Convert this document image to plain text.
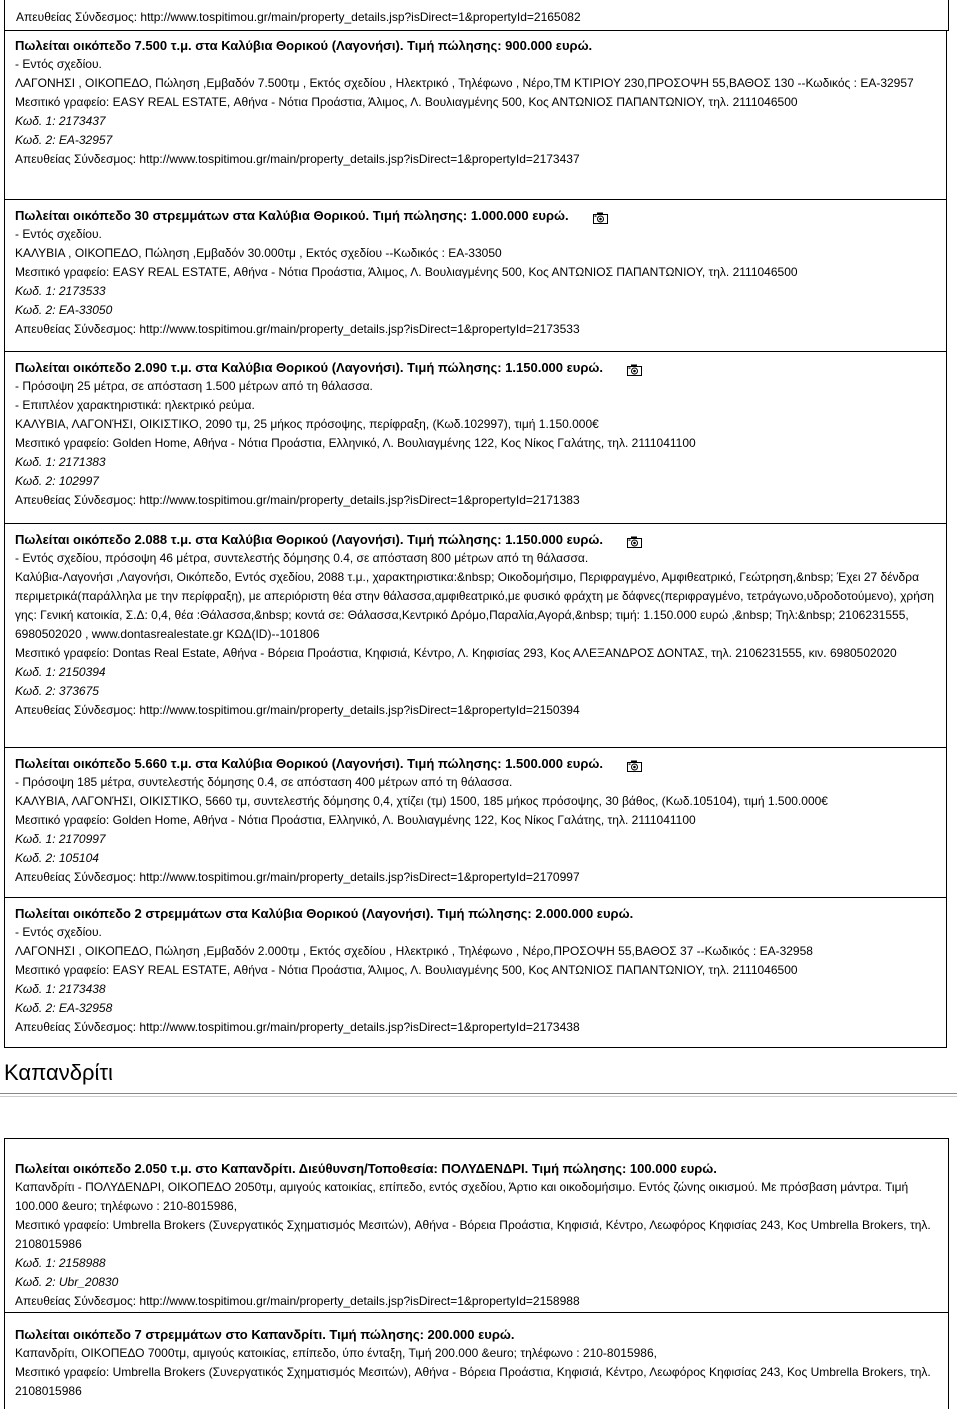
Απευθείας Σύνδεσμος: http://www.tospitimou.gr/main/property_details.jsp?isDirect=1&propertyId=2165082
Πωλείται οικόπεδο 7.500 τ.μ. στα Καλύβια Θορικού (Λαγονήσι). Τιμή πώλησης: 900.000 ευρώ.
- Εντός σχεδίου.
ΛΑΓΟΝΗΣΙ , ΟΙΚΟΠΕΔΟ, Πώληση ,Εμβαδόν 7.500τμ , Εκτός σχεδίου , Ηλεκτρικό , Τηλέφωνο , Νέρο,ΤΜ ΚΤΙΡΙΟΥ 230,ΠΡΟΣΟΨΗ 55,ΒΑΘΟΣ 130 --Κωδικός : ΕΑ-32957
Μεσιτικό γραφείο: EASY REAL ESTATE, Αθήνα - Νότια Προάστια, Άλιμος, Λ. Βουλιαγμένης 500, Κος ΑΝΤΩΝΙΟΣ ΠΑΠΑΝΤΩΝΙΟΥ, τηλ. 2111046500
Κωδ. 1: 2173437
Κωδ. 2: ΕΑ-32957
Απευθείας Σύνδεσμος: http://www.tospitimou.gr/main/property_details.jsp?isDirect=1&propertyId=2173437
Πωλείται οικόπεδο 30 στρεμμάτων στα Καλύβια Θορικού. Τιμή πώλησης: 1.000.000 ευρώ.
- Εντός σχεδίου.
ΚΑΛΥΒΙΑ , ΟΙΚΟΠΕΔΟ, Πώληση ,Εμβαδόν 30.000τμ , Εκτός σχεδίου --Κωδικός : ΕΑ-33050
Μεσιτικό γραφείο: EASY REAL ESTATE, Αθήνα - Νότια Προάστια, Άλιμος, Λ. Βουλιαγμένης 500, Κος ΑΝΤΩΝΙΟΣ ΠΑΠΑΝΤΩΝΙΟΥ, τηλ. 2111046500
Κωδ. 1: 2173533
Κωδ. 2: ΕΑ-33050
Απευθείας Σύνδεσμος: http://www.tospitimou.gr/main/property_details.jsp?isDirect=1&propertyId=2173533
Πωλείται οικόπεδο 2.090 τ.μ. στα Καλύβια Θορικού (Λαγονήσι). Τιμή πώλησης: 1.150.000 ευρώ.
- Πρόσοψη 25 μέτρα, σε απόσταση 1.500 μέτρων από τη θάλασσα.
- Επιπλέον χαρακτηριστικά: ηλεκτρικό ρεύμα.
ΚΑΛΥΒΙΑ, ΛΑΓΟΝΉΣΙ, ΟΙΚΙΣΤΙΚΟ, 2090 τμ, 25 μήκος πρόσοψης, περίφραξη, (Κωδ.102997), τιμή 1.150.000€
Μεσιτικό γραφείο: Golden Home, Αθήνα - Νότια Προάστια, Ελληνικό, Λ. Βουλιαγμένης 122, Κος Νίκος Γαλάτης, τηλ. 2111041100
Κωδ. 1: 2171383
Κωδ. 2: 102997
Απευθείας Σύνδεσμος: http://www.tospitimou.gr/main/property_details.jsp?isDirect=1&propertyId=2171383
Πωλείται οικόπεδο 2.088 τ.μ. στα Καλύβια Θορικού (Λαγονήσι). Τιμή πώλησης: 1.150.000 ευρώ.
- Εντός σχεδίου, πρόσοψη 46 μέτρα, συντελεστής δόμησης 0.4, σε απόσταση 800 μέτρων από τη θάλασσα.
Καλύβια-Λαγονήσι ,Λαγονήσι, Οικόπεδο, Εντός σχεδίου, 2088 τ.μ., χαρακτηριστικα:&nbsp; Οικοδομήσιμο, Περιφραγμένο, Αμφιθεατρικό, Γεώτρηση,&nbsp; Έχει 27 δένδρα περιμετρικά(παράλληλα με την περίφραξη), με απεριόριστη θέα στην θάλασσα,αμφιθεατρικό,με φυσικό φράχτη με δάφνες(περιφραγμένο, τετράγωνο,υδροδοτούμενο), χρήση γης: Γενική κατοικία, Σ.Δ: 0,4, θέα :Θάλασσα,&nbsp; κοντά σε: Θάλασσα,Κεντρικό Δρόμο,Παραλία,Αγορά,&nbsp; τιμή: 1.150.000 ευρώ ,&nbsp; Τηλ:&nbsp; 2106231555, 6980502020 , www.dontasrealestate.gr ΚΩΔ(ID)--101806
Μεσιτικό γραφείο: Dontas Real Estate, Αθήνα - Βόρεια Προάστια, Κηφισιά, Κέντρο, Λ. Κηφισίας 293, Κος ΑΛΕΞΑΝΔΡΟΣ ΔΟΝΤΑΣ, τηλ. 2106231555, κιν. 6980502020
Κωδ. 1: 2150394
Κωδ. 2: 373675
Απευθείας Σύνδεσμος: http://www.tospitimou.gr/main/property_details.jsp?isDirect=1&propertyId=2150394
Πωλείται οικόπεδο 5.660 τ.μ. στα Καλύβια Θορικού (Λαγονήσι). Τιμή πώλησης: 1.500.000 ευρώ.
- Πρόσοψη 185 μέτρα, συντελεστής δόμησης 0.4, σε απόσταση 400 μέτρων από τη θάλασσα.
ΚΑΛΥΒΙΑ, ΛΑΓΟΝΉΣΙ, ΟΙΚΙΣΤΙΚΟ, 5660 τμ, συντελεστής δόμησης 0,4, χτίζει (τμ) 1500, 185 μήκος πρόσοψης, 30 βάθος, (Κωδ.105104), τιμή 1.500.000€
Μεσιτικό γραφείο: Golden Home, Αθήνα - Νότια Προάστια, Ελληνικό, Λ. Βουλιαγμένης 122, Κος Νίκος Γαλάτης, τηλ. 2111041100
Κωδ. 1: 2170997
Κωδ. 2: 105104
Απευθείας Σύνδεσμος: http://www.tospitimou.gr/main/property_details.jsp?isDirect=1&propertyId=2170997
Πωλείται οικόπεδο 2 στρεμμάτων στα Καλύβια Θορικού (Λαγονήσι). Τιμή πώλησης: 2.000.000 ευρώ.
- Εντός σχεδίου.
ΛΑΓΟΝΗΣΙ , ΟΙΚΟΠΕΔΟ, Πώληση ,Εμβαδόν 2.000τμ , Εκτός σχεδίου , Ηλεκτρικό , Τηλέφωνο , Νέρο,ΠΡΟΣΟΨΗ 55,ΒΑΘΟΣ 37 --Κωδικός : ΕΑ-32958
Μεσιτικό γραφείο: EASY REAL ESTATE, Αθήνα - Νότια Προάστια, Άλιμος, Λ. Βουλιαγμένης 500, Κος ΑΝΤΩΝΙΟΣ ΠΑΠΑΝΤΩΝΙΟΥ, τηλ. 2111046500
Κωδ. 1: 2173438
Κωδ. 2: ΕΑ-32958
Απευθείας Σύνδεσμος: http://www.tospitimou.gr/main/property_details.jsp?isDirect=1&propertyId=2173438
Καπανδρίτι
Πωλείται οικόπεδο 2.050 τ.μ. στο Καπανδρίτι. Διεύθυνση/Τοποθεσία: ΠΟΛΥΔΕΝΔΡΙ. Τιμή πώλησης: 100.000 ευρώ.
Καπανδρίτι - ΠΟΛΥΔΕΝΔΡΙ, ΟΙΚΟΠΕΔΟ 2050τμ, αμιγούς κατοικίας, επίπεδο, εντός σχεδίου, Άρτιο και οικοδομήσιμο. Εντός ζώνης οικισμού. Με πρόσβαση μάντρα. Τιμή 100.000 &euro; τηλέφωνο : 210-8015986,
Μεσιτικό γραφείο: Umbrella Brokers (Συνεργατικός Σχηματισμός Μεσιτών), Αθήνα - Βόρεια Προάστια, Κηφισιά, Κέντρο, Λεωφόρος Κηφισίας 243, Κος Umbrella Brokers, τηλ. 2108015986
Κωδ. 1: 2158988
Κωδ. 2: Ubr_20830
Απευθείας Σύνδεσμος: http://www.tospitimou.gr/main/property_details.jsp?isDirect=1&propertyId=2158988
Πωλείται οικόπεδο 7 στρεμμάτων στο Καπανδρίτι. Τιμή πώλησης: 200.000 ευρώ.
Καπανδρίτι, ΟΙΚΟΠΕΔΟ 7000τμ, αμιγούς κατοικίας, επίπεδο, ύπο ένταξη, Τιμή 200.000 &euro; τηλέφωνο : 210-8015986,
Μεσιτικό γραφείο: Umbrella Brokers (Συνεργατικός Σχηματισμός Μεσιτών), Αθήνα - Βόρεια Προάστια, Κηφισιά, Κέντρο, Λεωφόρος Κηφισίας 243, Κος Umbrella Brokers, τηλ. 2108015986
